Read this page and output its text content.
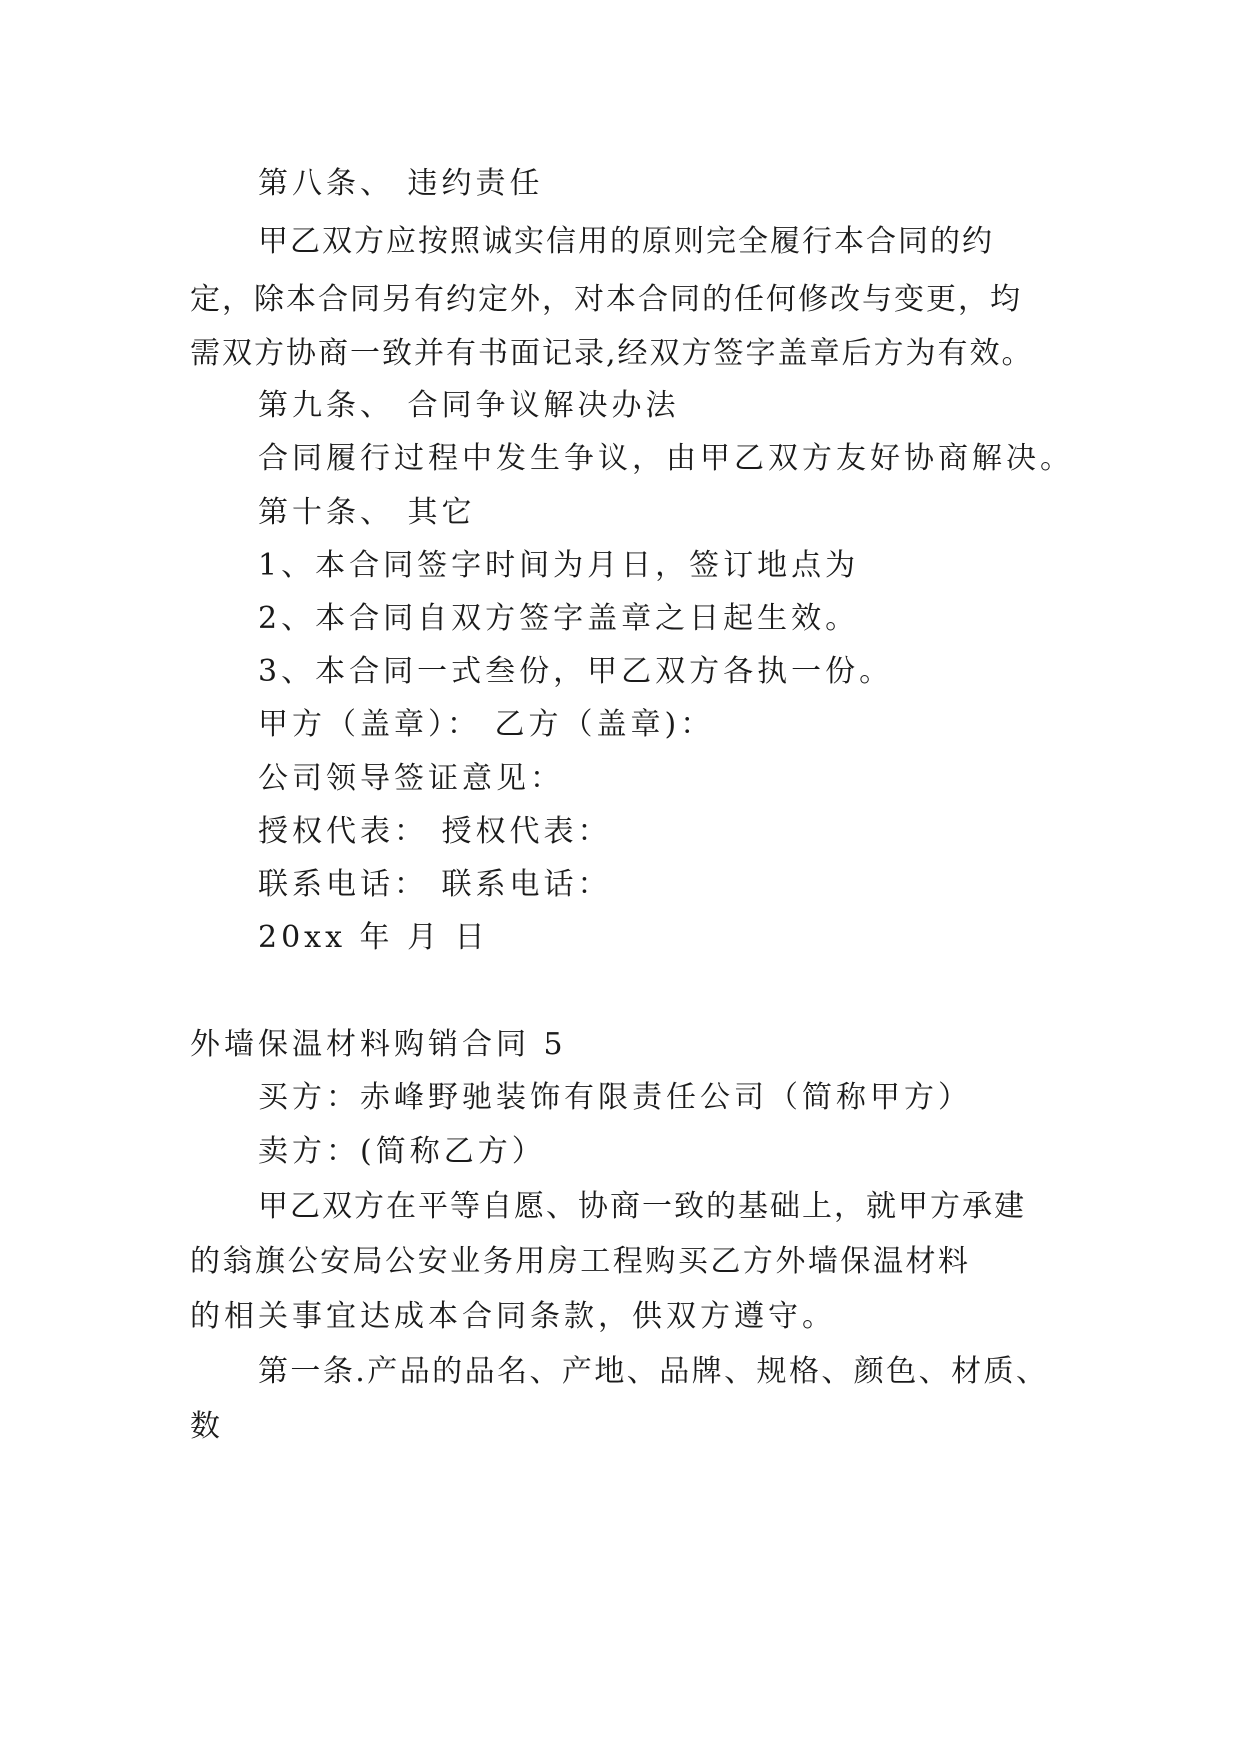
第八条、 违约责任
甲乙双方应按照诚实信用的原则完全履行本合同的约
定，除本合同另有约定外，对本合同的任何修改与变更，均
需双方协商一致并有书面记录,经双方签字盖章后方为有效。
第九条、 合同争议解决办法
合同履行过程中发生争议，由甲乙双方友好协商解决。
第十条、 其它
1、本合同签字时间为月日，签订地点为
2、本合同自双方签字盖章之日起生效。
3、本合同一式叁份，甲乙双方各执一份。
甲方（盖章）： 乙方（盖章)：
公司领导签证意见：
授权代表： 授权代表：
联系电话： 联系电话：
20xx 年 月 日
外墙保温材料购销合同 5
买方：赤峰野驰装饰有限责任公司（简称甲方）
卖方：(简称乙方）
甲乙双方在平等自愿、协商一致的基础上，就甲方承建
的翁旗公安局公安业务用房工程购买乙方外墙保温材料
的相关事宜达成本合同条款，供双方遵守。
第一条.产品的品名、产地、品牌、规格、颜色、材质、
数
